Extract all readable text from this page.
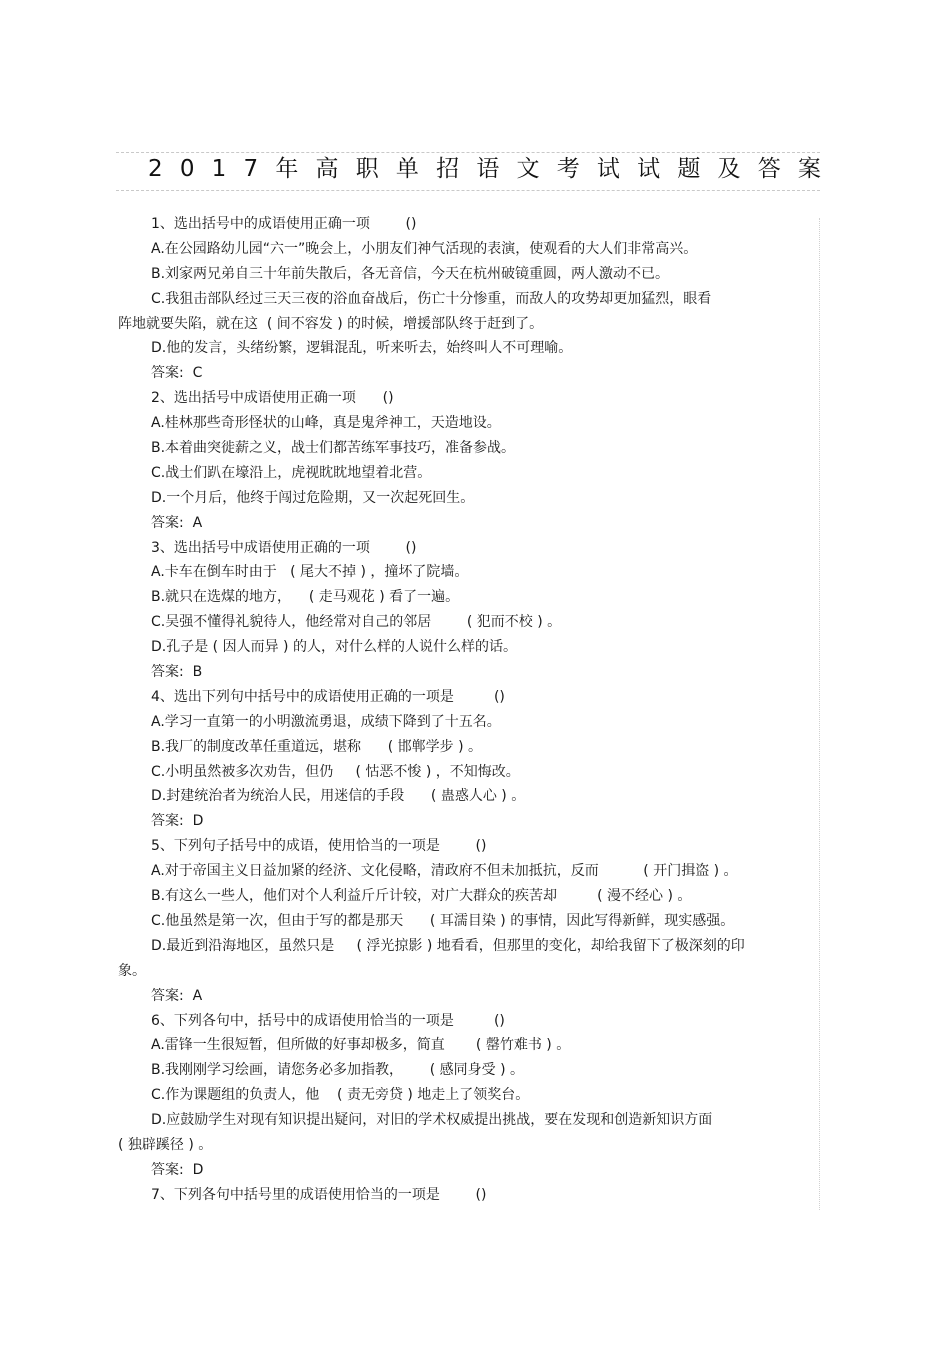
2017年高职单招语文考试试题及答案
1、选出括号中的成语使用正确一项        ()
A.在公园路幼儿园“六一”晚会上，小朋友们神气活现的表演，使观看的大人们非常高兴。
B.刘家两兄弟自三十年前失散后，各无音信，今天在杭州破镜重圆，两人激动不已。
C.我狙击部队经过三天三夜的浴血奋战后，伤亡十分惨重，而敌人的攻势却更加猛烈，眼看
阵地就要失陷，就在这  ( 间不容发 ) 的时候，增援部队终于赶到了。
D.他的发言，头绪纷繁，逻辑混乱，听来听去，始终叫人不可理喻。
答案:  C
2、选出括号中成语使用正确一项      ()
A.桂林那些奇形怪状的山峰，真是鬼斧神工，天造地设。
B.本着曲突徙薪之义，战士们都苦练军事技巧，准备参战。
C.战士们趴在壕沿上，虎视眈眈地望着北营。
D.一个月后，他终于闯过危险期，又一次起死回生。
答案:  A
3、选出括号中成语使用正确的一项        ()
A.卡车在倒车时由于   ( 尾大不掉 ) ，撞坏了院墙。
B.就只在选煤的地方，    ( 走马观花 ) 看了一遍。
C.吴强不懂得礼貌待人，他经常对自己的邻居        ( 犯而不校 ) 。
D.孔子是 ( 因人而异 ) 的人，对什么样的人说什么样的话。
答案:  B
4、选出下列句中括号中的成语使用正确的一项是         ()
A.学习一直第一的小明激流勇退，成绩下降到了十五名。
B.我厂的制度改革任重道远，堪称      ( 邯郸学步 ) 。
C.小明虽然被多次劝告，但仍     ( 怙恶不悛 ) ，不知悔改。
D.封建统治者为统治人民，用迷信的手段      ( 蛊惑人心 ) 。
答案:  D
5、下列句子括号中的成语，使用恰当的一项是        ()
A.对于帝国主义日益加紧的经济、文化侵略，清政府不但未加抵抗，反而          ( 开门揖盗 ) 。
B.有这么一些人，他们对个人利益斤斤计较，对广大群众的疾苦却         ( 漫不经心 ) 。
C.他虽然是第一次，但由于写的都是那天      ( 耳濡目染 ) 的事情，因此写得新鲜，现实感强。
D.最近到沿海地区，虽然只是     ( 浮光掠影 ) 地看看，但那里的变化，却给我留下了极深刻的印
象。
答案:  A
6、下列各句中，括号中的成语使用恰当的一项是         ()
A.雷锋一生很短暂，但所做的好事却极多，简直       ( 罄竹难书 ) 。
B.我刚刚学习绘画，请您务必多加指教，      ( 感同身受 ) 。
C.作为课题组的负责人，他    ( 责无旁贷 ) 地走上了领奖台。
D.应鼓励学生对现有知识提出疑问，对旧的学术权威提出挑战，要在发现和创造新知识方面
( 独辟蹊径 ) 。
答案:  D
7、下列各句中括号里的成语使用恰当的一项是        ()
